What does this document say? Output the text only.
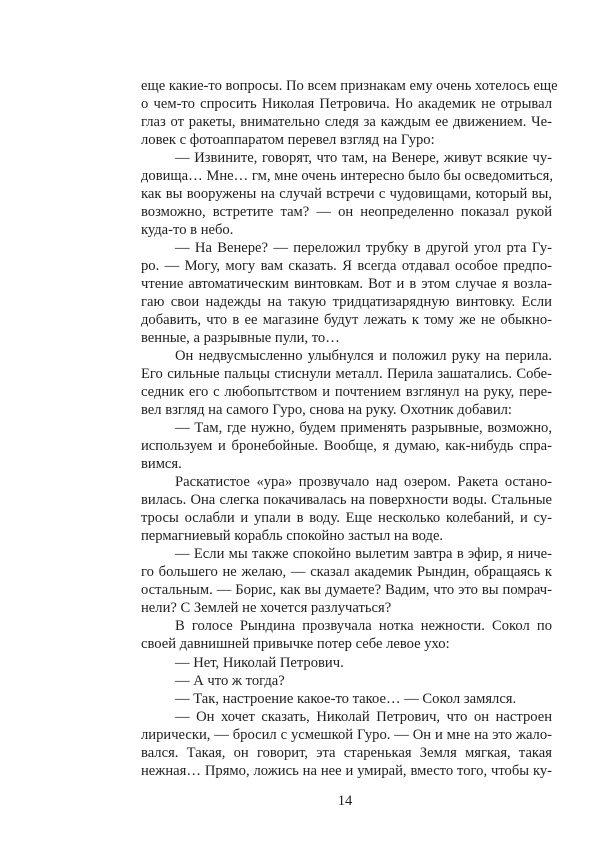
еще какие-то вопросы. По всем признакам ему очень хотелось еще
о чем-то спросить Николая Петровича. Но академик не отрывал
глаз от ракеты, внимательно следя за каждым ее движением. Че-
ловек с фотоаппаратом перевел взгляд на Гуро:
— Извините, говорят, что там, на Венере, живут всякие чу-
довища… Мне… гм, мне очень интересно было бы осведомиться,
как вы вооружены на случай встречи с чудовищами, который вы,
возможно, встретите там? — он неопределенно показал рукой
куда-то в небо.
— На Венере? — переложил трубку в другой угол рта Гу-
ро. — Могу, могу вам сказать. Я всегда отдавал особое предпо-
чтение автоматическим винтовкам. Вот и в этом случае я возла-
гаю свои надежды на такую тридцатизарядную винтовку. Если
добавить, что в ее магазине будут лежать к тому же не обыкно-
венные, а разрывные пули, то…
Он недвусмысленно улыбнулся и положил руку на перила.
Его сильные пальцы стиснули металл. Перила зашатались. Собе-
седник его с любопытством и почтением взглянул на руку, пере-
вел взгляд на самого Гуро, снова на руку. Охотник добавил:
— Там, где нужно, будем применять разрывные, возможно,
используем и бронебойные. Вообще, я думаю, как-нибудь спра-
вимся.
Раскатистое «ура» прозвучало над озером. Ракета остано-
вилась. Она слегка покачивалась на поверхности воды. Стальные
тросы ослабли и упали в воду. Еще несколько колебаний, и су-
пермагниевый корабль спокойно застыл на воде.
— Если мы также спокойно вылетим завтра в эфир, я ниче-
го большего не желаю, — сказал академик Рындин, обращаясь к
остальным. — Борис, как вы думаете? Вадим, что это вы помрач-
нели? С Землей не хочется разлучаться?
В голосе Рындина прозвучала нотка нежности. Сокол по
своей давнишней привычке потер себе левое ухо:
— Нет, Николай Петрович.
— А что ж тогда?
— Так, настроение какое-то такое… — Сокол замялся.
— Он хочет сказать, Николай Петрович, что он настроен
лирически, — бросил с усмешкой Гуро. — Он и мне на это жало-
вался. Такая, он говорит, эта старенькая Земля мягкая, такая
нежная… Прямо, ложись на нее и умирай, вместо того, чтобы ку-
14
